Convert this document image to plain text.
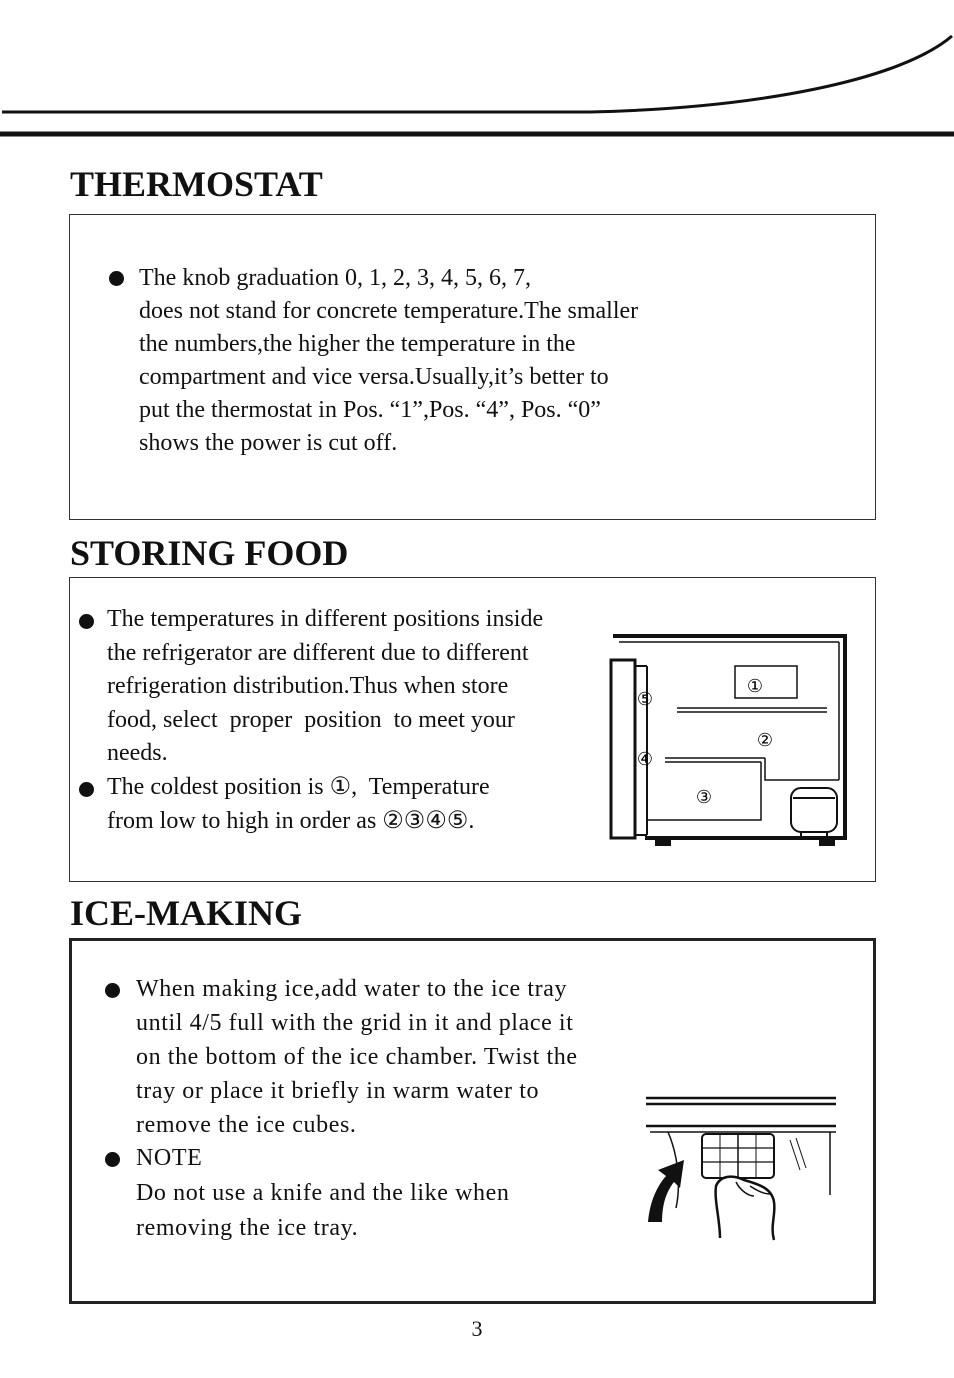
THERMOSTAT
The knob graduation 0, 1, 2, 3, 4, 5, 6, 7,
does not stand for concrete temperature.The smaller
the numbers,the higher the temperature in the
compartment and vice versa.Usually,it’s better to
put the thermostat in Pos. “1”,Pos. “4”, Pos. “0”
shows the power is cut off.
STORING FOOD
The temperatures in different positions inside
the refrigerator are different due to different
refrigeration distribution.Thus when store
food, select  proper  position  to meet your
needs.
The coldest position is ①,  Temperature
from low to high in order as ②③④⑤.
①
②
③
④
⑤
ICE-MAKING
When making ice,add water to the ice tray
until 4/5 full with the grid in it and place it
on the bottom of the ice chamber. Twist the
tray or place it briefly in warm water to
remove the ice cubes.
NOTE
Do not use a knife and the like when
removing the ice tray.
3
